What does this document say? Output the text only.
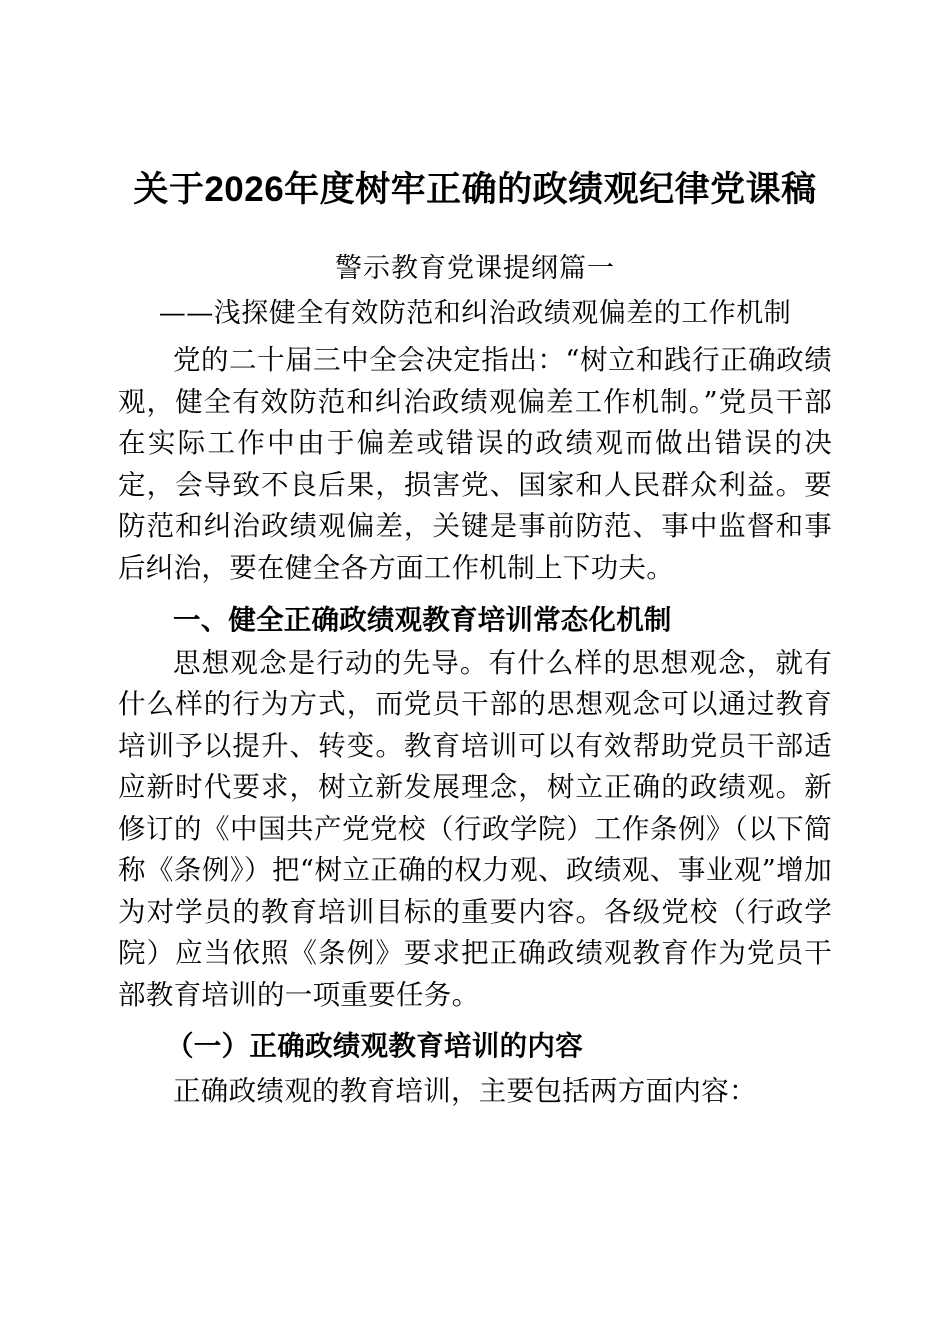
关于2026年度树牢正确的政绩观纪律党课稿

警示教育党课提纲篇一

——浅探健全有效防范和纠治政绩观偏差的工作机制

党的二十届三中全会决定指出：“树立和践行正确政绩观，健全有效防范和纠治政绩观偏差工作机制。”党员干部在实际工作中由于偏差或错误的政绩观而做出错误的决定，会导致不良后果，损害党、国家和人民群众利益。要防范和纠治政绩观偏差，关键是事前防范、事中监督和事后纠治，要在健全各方面工作机制上下功夫。

一、健全正确政绩观教育培训常态化机制

思想观念是行动的先导。有什么样的思想观念，就有什么样的行为方式，而党员干部的思想观念可以通过教育培训予以提升、转变。教育培训可以有效帮助党员干部适应新时代要求，树立新发展理念，树立正确的政绩观。新修订的《中国共产党党校（行政学院）工作条例》（以下简称《条例》）把“树立正确的权力观、政绩观、事业观”增加为对学员的教育培训目标的重要内容。各级党校（行政学院）应当依照《条例》要求把正确政绩观教育作为党员干部教育培训的一项重要任务。

（一）正确政绩观教育培训的内容

正确政绩观的教育培训，主要包括两方面内容：
